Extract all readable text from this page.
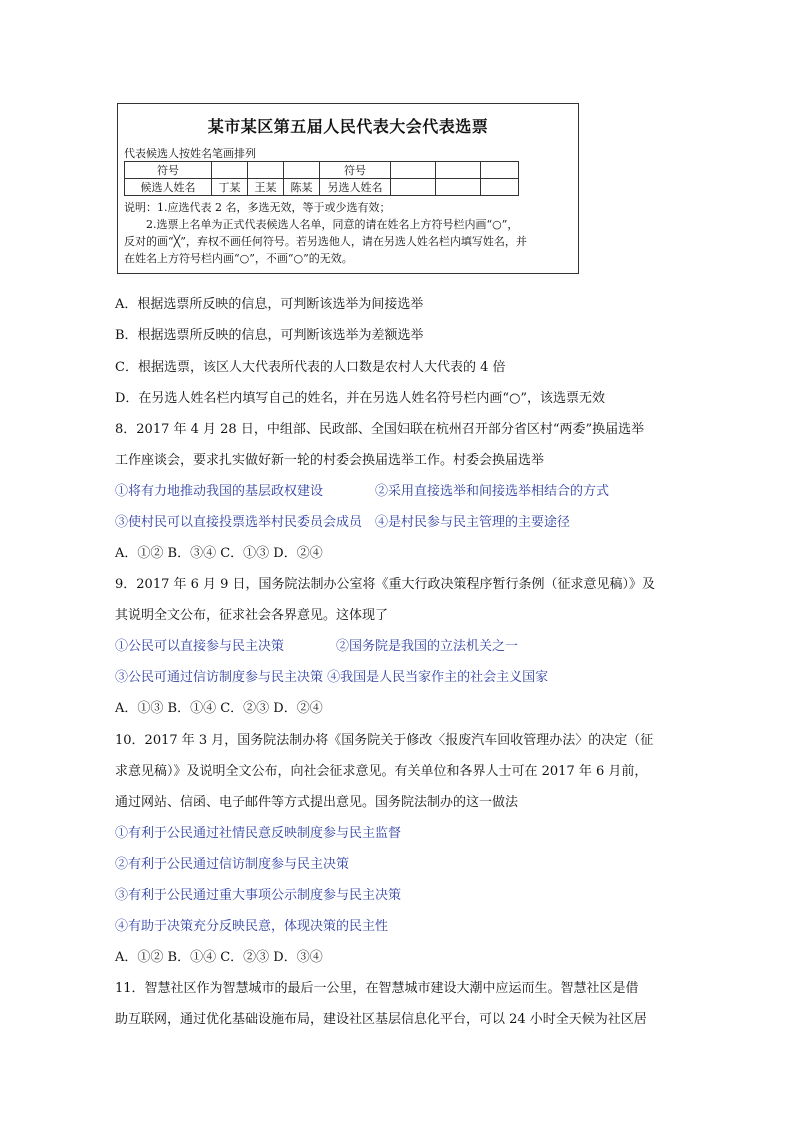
某市某区第五届人民代表大会代表选票
代表候选人按姓名笔画排列
符号				符号			
候选人姓名	丁某	王某	陈某	另选人姓名			
说明：1.应选代表 2 名，多选无效，等于或少选有效；
　　2.选票上名单为正式代表候选人名单，同意的请在姓名上方符号栏内画“○”，
反对的画“╳”，弃权不画任何符号。若另选他人，请在另选人姓名栏内填写姓名，并
在姓名上方符号栏内画“○”，不画“○”的无效。
A．根据选票所反映的信息，可判断该选举为间接选举
B．根据选票所反映的信息，可判断该选举为差额选举
C．根据选票，该区人大代表所代表的人口数是农村人大代表的 4 倍
D．在另选人姓名栏内填写自己的姓名，并在另选人姓名符号栏内画“○”，该选票无效
8．2017 年 4 月 28 日，中组部、民政部、全国妇联在杭州召开部分省区村“两委”换届选举
工作座谈会，要求扎实做好新一轮的村委会换届选举工作。村委会换届选举
①将有力地推动我国的基层政权建设　　　　②采用直接选举和间接选举相结合的方式
③使村民可以直接投票选举村民委员会成员　④是村民参与民主管理的主要途径
A．①② B．③④ C．①③ D．②④
9．2017 年 6 月 9 日，国务院法制办公室将《重大行政决策程序暂行条例（征求意见稿）》及
其说明全文公布，征求社会各界意见。这体现了
①公民可以直接参与民主决策　　　　②国务院是我国的立法机关之一
③公民可通过信访制度参与民主决策 ④我国是人民当家作主的社会主义国家
A．①③ B．①④ C．②③ D．②④
10．2017 年 3 月，国务院法制办将《国务院关于修改〈报废汽车回收管理办法〉的决定（征
求意见稿）》及说明全文公布，向社会征求意见。有关单位和各界人士可在 2017 年 6 月前，
通过网站、信函、电子邮件等方式提出意见。国务院法制办的这一做法
①有利于公民通过社情民意反映制度参与民主监督
②有利于公民通过信访制度参与民主决策
③有利于公民通过重大事项公示制度参与民主决策
④有助于决策充分反映民意，体现决策的民主性
A．①② B．①④ C．②③ D．③④
11．智慧社区作为智慧城市的最后一公里，在智慧城市建设大潮中应运而生。智慧社区是借
助互联网，通过优化基础设施布局，建设社区基层信息化平台，可以 24 小时全天候为社区居
